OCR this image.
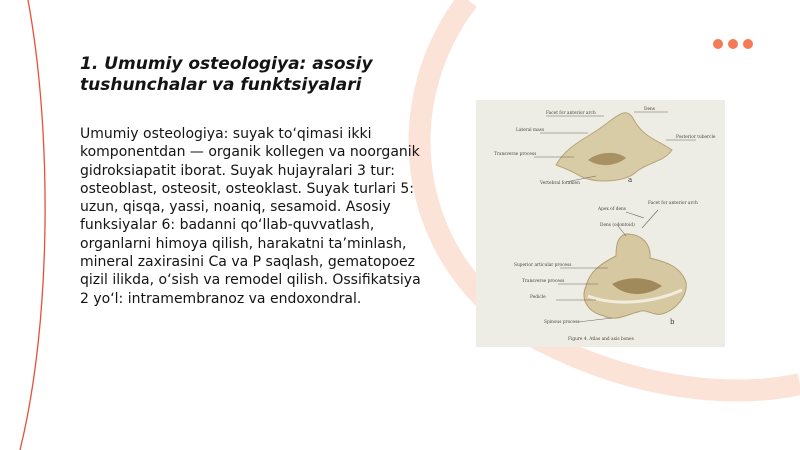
1. Umumiy osteologiya: asosiy tushunchalar va funktsiyalari

Umumiy osteologiya: suyak to‘qimasi ikki komponentdan — organik kollegen va noorganik gidroksiapatit iborat. Suyak hujayralari 3 tur: osteoblast, osteosit, osteoklast. Suyak turlari 5: uzun, qisqa, yassi, noaniq, sesamoid. Asosiy funksiyalar 6: badanni qo‘llab-quvvatlash, organlarni himoya qilish, harakatni ta’minlash, mineral zaxirasini Ca va P saqlash, gematopoez qizil ilikda, o‘sish va remodel qilish. Ossifikatsiya 2 yo‘l: intramembranoz va endoxondral.

Facet for anterior arch
Dens
Lateral mass
Transverse process
Posterior tubercle
Vertebral foramen
Apex of dens
Facet for anterior arch
Dens (odontoid)
Superior articular process
Transverse process
Pedicle
Spinous process
Figure 4. Atlas and axis bones
a
b
